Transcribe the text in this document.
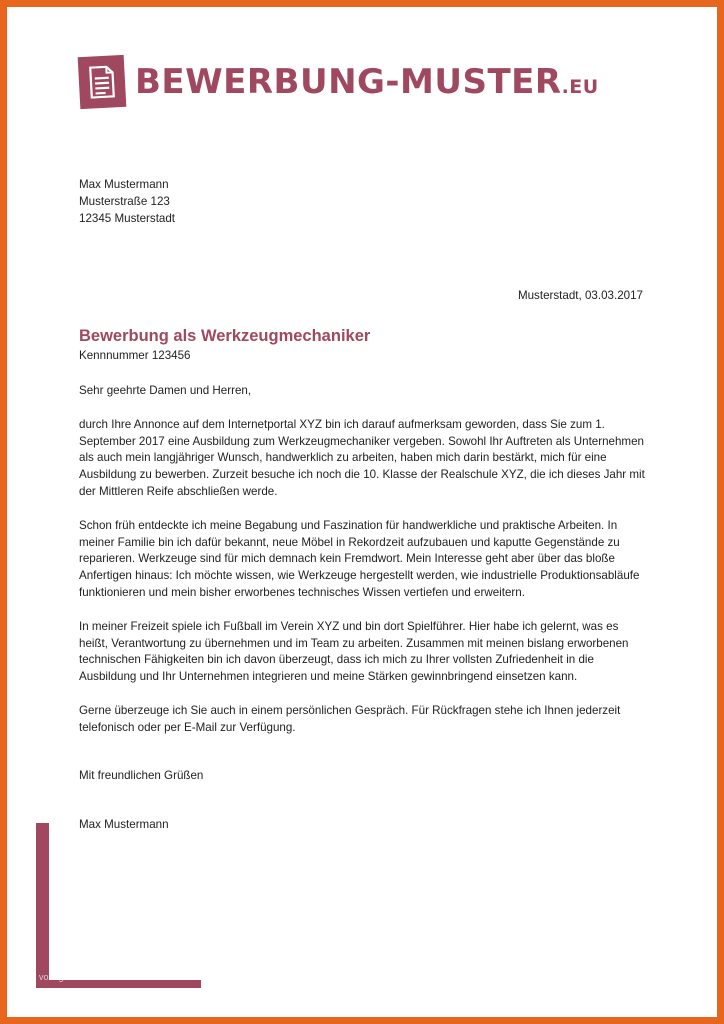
BEWERBUNG-MUSTER.EU
Max Mustermann
Musterstraße 123
12345 Musterstadt
Musterstadt, 03.03.2017
Bewerbung als Werkzeugmechaniker
Kennnummer 123456
Sehr geehrte Damen und Herren,

durch Ihre Annonce auf dem Internetportal XYZ bin ich darauf aufmerksam geworden, dass Sie zum 1. September 2017 eine Ausbildung zum Werkzeugmechaniker vergeben. Sowohl Ihr Auftreten als Unternehmen als auch mein langjähriger Wunsch, handwerklich zu arbeiten, haben mich darin bestärkt, mich für eine Ausbildung zu bewerben. Zurzeit besuche ich noch die 10. Klasse der Realschule XYZ, die ich dieses Jahr mit der Mittleren Reife abschließen werde.

Schon früh entdeckte ich meine Begabung und Faszination für handwerkliche und praktische Arbeiten. In meiner Familie bin ich dafür bekannt, neue Möbel in Rekordzeit aufzubauen und kaputte Gegenstände zu reparieren. Werkzeuge sind für mich demnach kein Fremdwort. Mein Interesse geht aber über das bloße Anfertigen hinaus: Ich möchte wissen, wie Werkzeuge hergestellt werden, wie industrielle Produktionsabläufe funktionieren und mein bisher erworbenes technisches Wissen vertiefen und erweitern.

In meiner Freizeit spiele ich Fußball im Verein XYZ und bin dort Spielführer. Hier habe ich gelernt, was es heißt, Verantwortung zu übernehmen und im Team zu arbeiten. Zusammen mit meinen bislang erworbenen technischen Fähigkeiten bin ich davon überzeugt, dass ich mich zu Ihrer vollsten Zufriedenheit in die Ausbildung und Ihr Unternehmen integrieren und meine Stärken gewinnbringend einsetzen kann.

Gerne überzeuge ich Sie auch in einem persönlichen Gespräch. Für Rückfragen stehe ich Ihnen jederzeit telefonisch oder per E-Mail zur Verfügung.

Mit freundlichen Grüßen
Max Mustermann
vorlage
